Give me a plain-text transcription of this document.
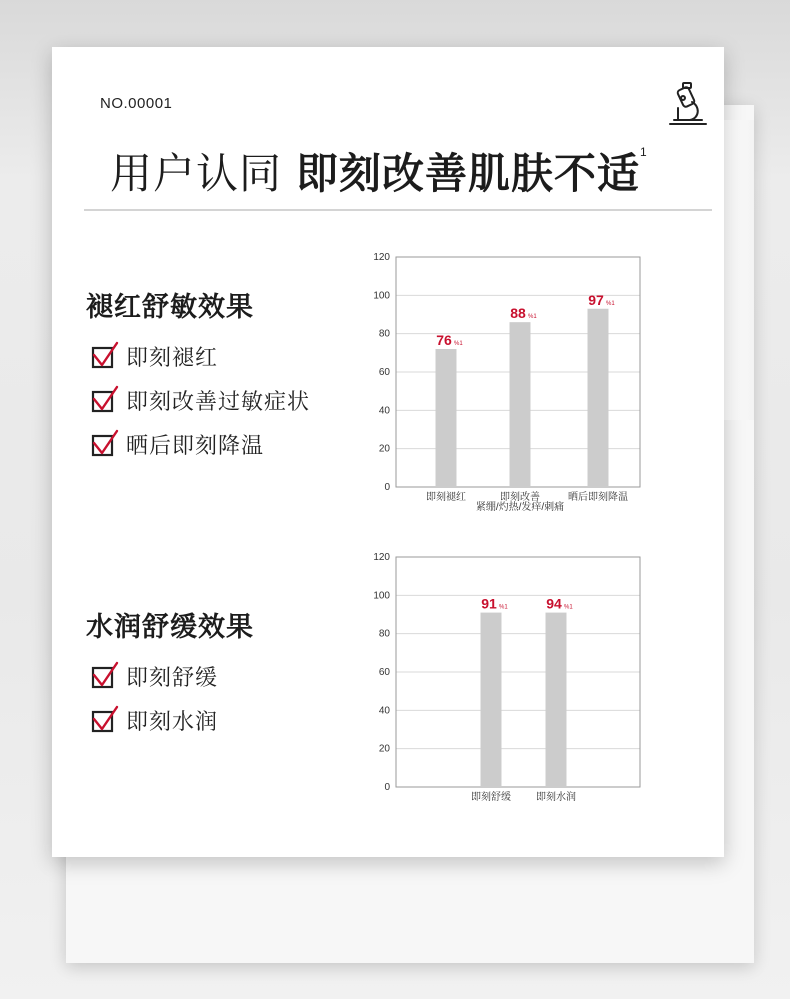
NO.00001
用户认同 即刻改善肌肤不适$^1$
褪红舒敏效果
即刻褪红
即刻改善过敏症状
晒后即刻降温
0
20
40
60
80
100
120
76 %1
即刻褪红
88 %1
即刻改善
紧绷/灼热/发痒/刺痛
97 %1
晒后即刻降温
水润舒缓效果
即刻舒缓
即刻水润
0
20
40
60
80
100
120
91 %1
即刻舒缓
94 %1
即刻水润
